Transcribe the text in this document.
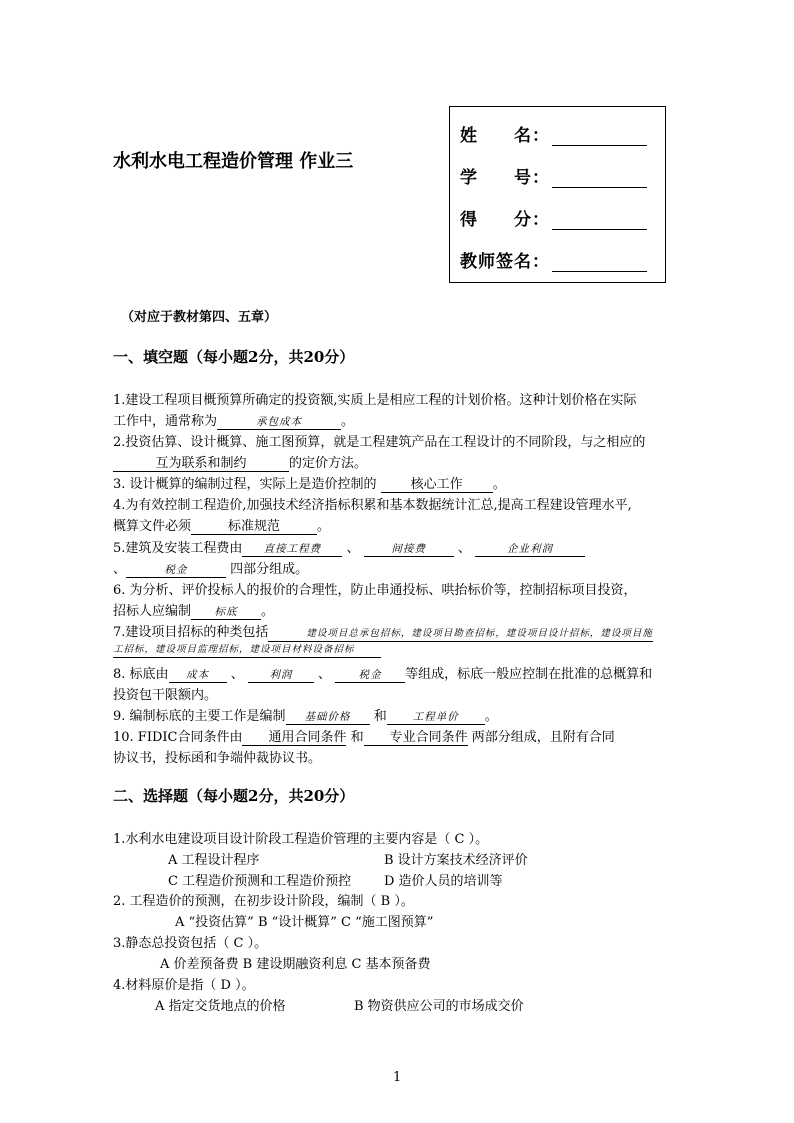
水利水电工程造价管理 作业三
姓　　名：
学　　号：
得　　分：
教师签名：
（对应于教材第四、五章）
一、填空题（每小题2分，共20分）
1.建设工程项目概预算所确定的投资额,实质上是相应工程的计划价格。这种计划价格在实际
工作中，通常称为	承包成本	。
2.投资估算、设计概算、施工图预算，就是工程建筑产品在工程设计的不同阶段，与之相应的
互为联系和制约	的定价方法。
3. 设计概算的编制过程，实际上是造价控制的	核心工作 。
4.为有效控制工程造价,加强技术经济指标积累和基本数据统计汇总,提高工程建设管理水平,
概算文件必须	标准规范	。
5.建筑及安装工程费由 直接工程费 、	间接费 、	企业利润
、	税金	四部分组成。
6. 为分析、评价投标人的报价的合理性，防止串通投标、哄抬标价等，控制招标项目投资，
招标人应编制 标底 。
7.建设项目招标的种类包括	建设项目总承包招标，建设项目勘查招标，建设项目设计招标，建设项目施
工招标，建设项目监理招标，建设项目材料设备招标
8. 标底由 成本 、 利润 、	税金 等组成，标底一般应控制在批准的总概算和
投资包干限额内。
9. 编制标底的主要工作是编制 基础价格 和 工程单价 。
10. FIDIC合同条件由 通用合同条件 和 专业合同条件 两部分组成，且附有合同
协议书，投标函和争端仲裁协议书。
二、选择题（每小题2分，共20分）
1.水利水电建设项目设计阶段工程造价管理的主要内容是（ C ）。
A 工程设计程序	B 设计方案技术经济评价
C 工程造价预测和工程造价预控	D 造价人员的培训等
2. 工程造价的预测，在初步设计阶段，编制（ B ）。
A “投资估算” B “设计概算” C “施工图预算”
3.静态总投资包括（ C ）。
A 价差预备费 B 建设期融资利息 C 基本预备费
4.材料原价是指（ D ）。
A 指定交货地点的价格	B 物资供应公司的市场成交价
1
